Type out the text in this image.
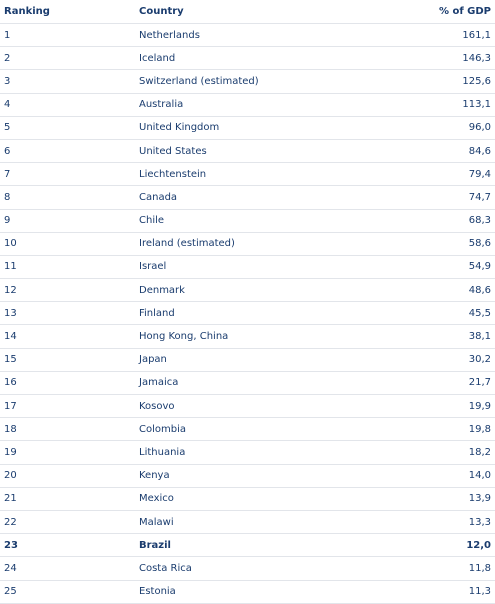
Ranking	Country	% of GDP
1	Netherlands	161,1
2	Iceland	146,3
3	Switzerland (estimated)	125,6
4	Australia	113,1
5	United Kingdom	96,0
6	United States	84,6
7	Liechtenstein	79,4
8	Canada	74,7
9	Chile	68,3
10	Ireland (estimated)	58,6
11	Israel	54,9
12	Denmark	48,6
13	Finland	45,5
14	Hong Kong, China	38,1
15	Japan	30,2
16	Jamaica	21,7
17	Kosovo	19,9
18	Colombia	19,8
19	Lithuania	18,2
20	Kenya	14,0
21	Mexico	13,9
22	Malawi	13,3
23	Brazil	12,0
24	Costa Rica	11,8
25	Estonia	11,3
